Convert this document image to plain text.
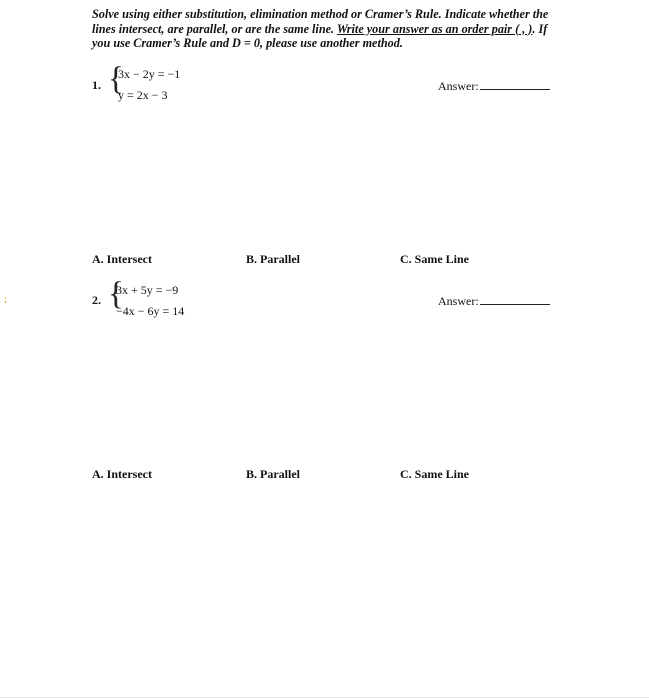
Solve using either substitution, elimination method or Cramer’s Rule. Indicate whether the lines intersect, are parallel, or are the same line. Write your answer as an order pair ( , ). If you use Cramer’s Rule and D = 0, please use another method.
1. {
3x − 2y = −1
y = 2x − 3
Answer:
A. Intersect	B. Parallel	C. Same Line
;	2. {
3x + 5y = −9
−4x − 6y = 14
Answer:
A. Intersect	B. Parallel	C. Same Line
